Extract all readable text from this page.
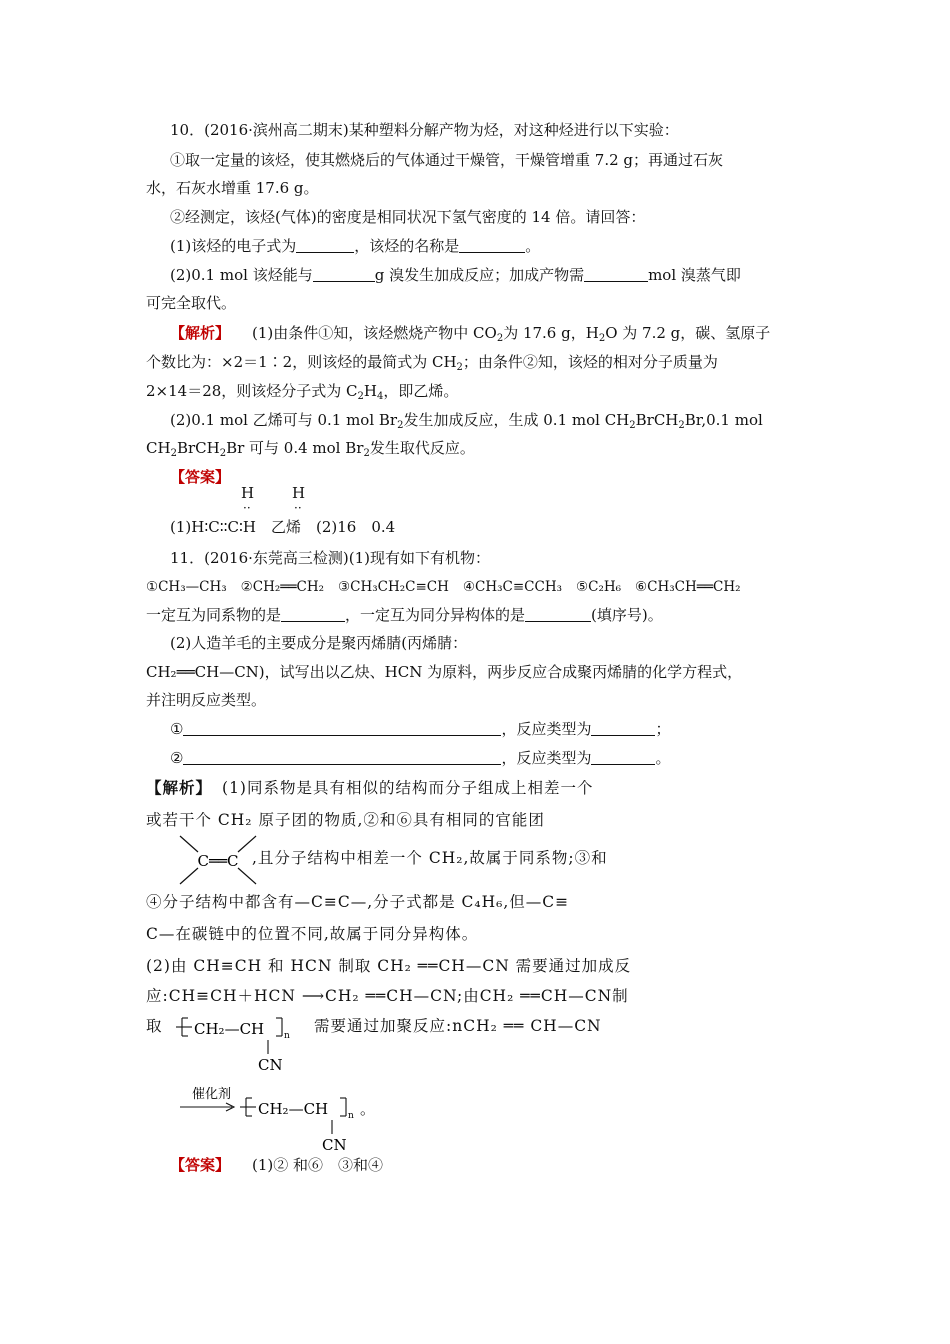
10．(2016·滨州高二期末)某种塑料分解产物为烃，对这种烃进行以下实验：
①取一定量的该烃，使其燃烧后的气体通过干燥管，干燥管增重 7.2 g；再通过石灰
水，石灰水增重 17.6 g。
②经测定，该烃(气体)的密度是相同状况下氢气密度的 14 倍。请回答：
(1)该烃的电子式为	，该烃的名称是	。
(2)0.1 mol 该烃能与	g 溴发生加成反应；加成产物需	mol 溴蒸气即
可完全取代。
【解析】 (1)由条件①知，该烃燃烧产物中 $CO_2$为 17.6 g，$H_2O$ 为 7.2 g，碳、氢原子
个数比为：×2＝1∶2，则该烃的最简式为 $CH_2$；由条件②知，该烃的相对分子质量为
2×14＝28，则该烃分子式为 $C_2H_4$，即乙烯。
(2)0.1 mol 乙烯可与 0.1 mol $Br_2$发生加成反应，生成 0.1 mol $CH_2BrCH_2Br,0.1$ mol
$CH_2BrCH_2Br$ 可与 0.4 mol $Br_2$发生取代反应。
【答案】
H	H
··	··
(1)H∶C∶∶C∶H　乙烯　(2)16　0.4
11．(2016·东莞高三检测)(1)现有如下有机物：
①CH₃—CH₃ ②CH₂══CH₂ ③CH₃CH₂C≡CH ④CH₃C≡CCH₃ ⑤C₂H₆ ⑥CH₃CH══CH₂
一定互为同系物的是	，一定互为同分异构体的是	(填序号)。
(2)人造羊毛的主要成分是聚丙烯腈(丙烯腈：
CH₂══CH—CN)，试写出以乙炔、HCN 为原料，两步反应合成聚丙烯腈的化学方程式，
并注明反应类型。
①	，反应类型为	；
②	，反应类型为	。
【解析】 (1)同系物是具有相似的结构而分子组成上相差一个
或若干个 CH₂ 原子团的物质,②和⑥具有相同的官能团
C══C ,且分子结构中相差一个 CH₂,故属于同系物;③和
④分子结构中都含有—C≡C—,分子式都是 C₄H₆,但—C≡
C—在碳链中的位置不同,故属于同分异构体。
(2)由 CH≡CH 和 HCN 制取 CH₂ ══CH—CN 需要通过加成反
应:CH≡CH＋HCN ⟶CH₂ ══CH—CN;由CH₂ ══CH—CN制
取 CH₂—CH n
CN
需要通过加聚反应:nCH₂ ══ CH—CN
催化剂
CH₂—CH n 。
CN
【答案】 (1)② 和⑥　③和④
